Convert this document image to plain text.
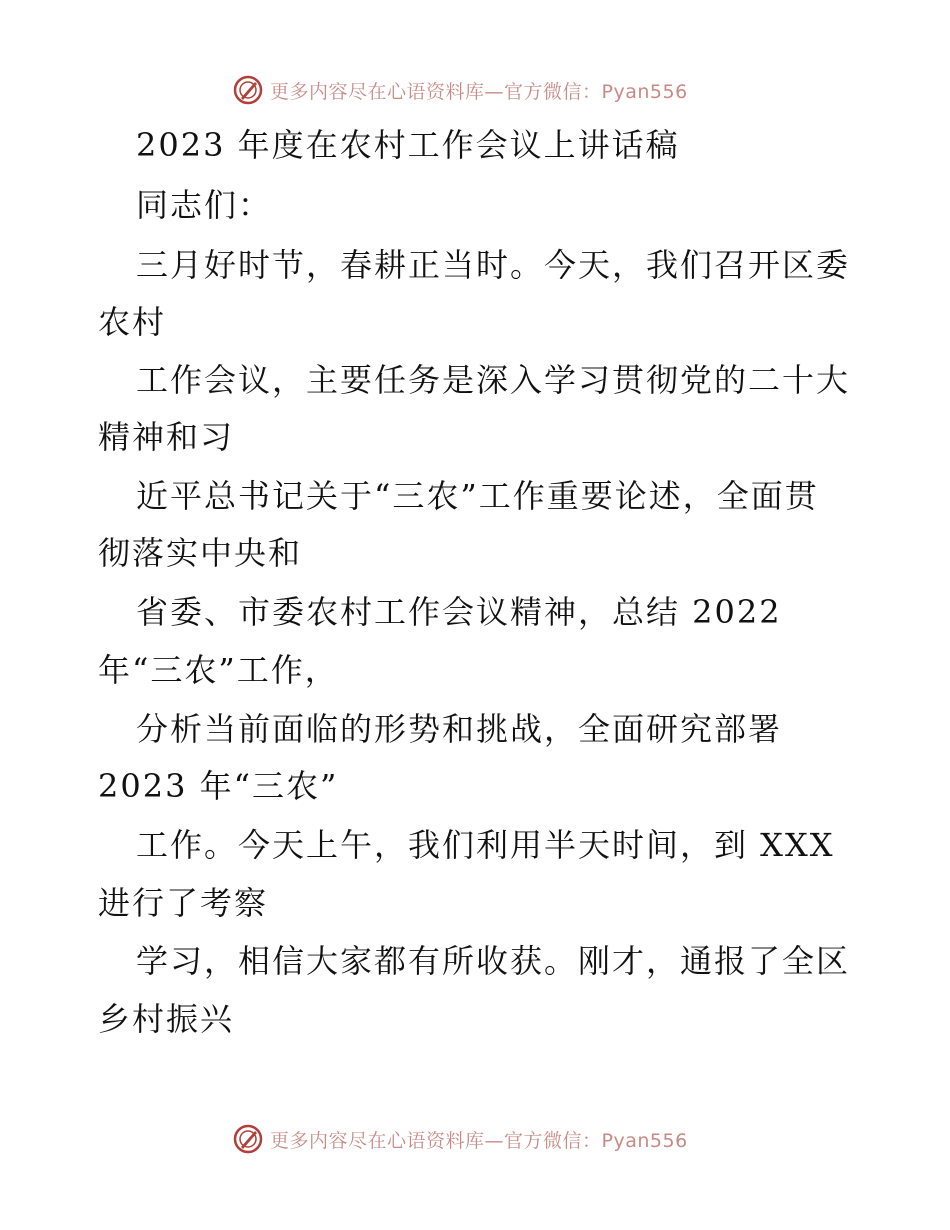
更多内容尽在心语资料库—官方微信：Pyan556
2023 年度在农村工作会议上讲话稿
同志们：
三月好时节，春耕正当时。今天，我们召开区委
农村
工作会议，主要任务是深入学习贯彻党的二十大
精神和习
近平总书记关于“三农”工作重要论述，全面贯
彻落实中央和
省委、市委农村工作会议精神，总结 2022
年“三农”工作，
分析当前面临的形势和挑战，全面研究部署
2023 年“三农”
工作。今天上午，我们利用半天时间，到 XXX
进行了考察
学习，相信大家都有所收获。刚才，通报了全区
乡村振兴
更多内容尽在心语资料库—官方微信：Pyan556
